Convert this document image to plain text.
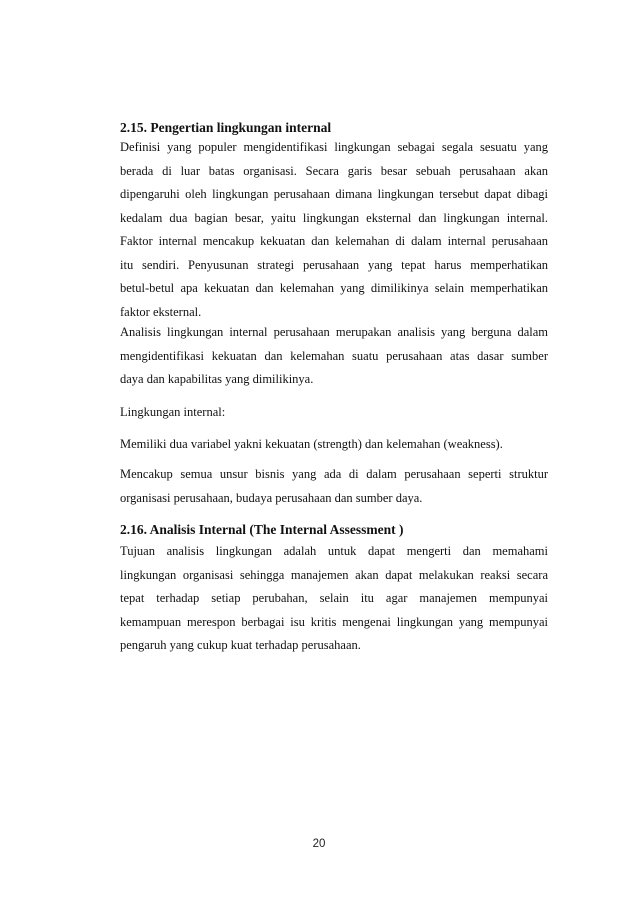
2.15. Pengertian lingkungan internal
Definisi yang populer mengidentifikasi lingkungan sebagai segala sesuatu yang
berada di luar batas organisasi. Secara garis besar sebuah perusahaan akan
dipengaruhi oleh lingkungan perusahaan dimana lingkungan tersebut dapat dibagi
kedalam dua bagian besar, yaitu lingkungan eksternal dan lingkungan internal.
Faktor internal mencakup kekuatan dan kelemahan di dalam internal perusahaan
itu sendiri. Penyusunan strategi perusahaan yang tepat harus memperhatikan
betul-betul apa kekuatan dan kelemahan yang dimilikinya selain memperhatikan
faktor eksternal.
Analisis lingkungan internal perusahaan merupakan analisis yang berguna dalam
mengidentifikasi kekuatan dan kelemahan suatu perusahaan atas dasar sumber
daya dan kapabilitas yang dimilikinya.
Lingkungan internal:
Memiliki dua variabel yakni kekuatan (strength) dan kelemahan (weakness).
Mencakup semua unsur bisnis yang ada di dalam perusahaan seperti struktur
organisasi perusahaan, budaya perusahaan dan sumber daya.
2.16. Analisis Internal (The Internal Assessment )
Tujuan analisis lingkungan adalah untuk dapat mengerti dan memahami
lingkungan organisasi sehingga manajemen akan dapat melakukan reaksi secara
tepat terhadap setiap perubahan, selain itu agar manajemen mempunyai
kemampuan merespon berbagai isu kritis mengenai lingkungan yang mempunyai
pengaruh yang cukup kuat terhadap perusahaan.
20
